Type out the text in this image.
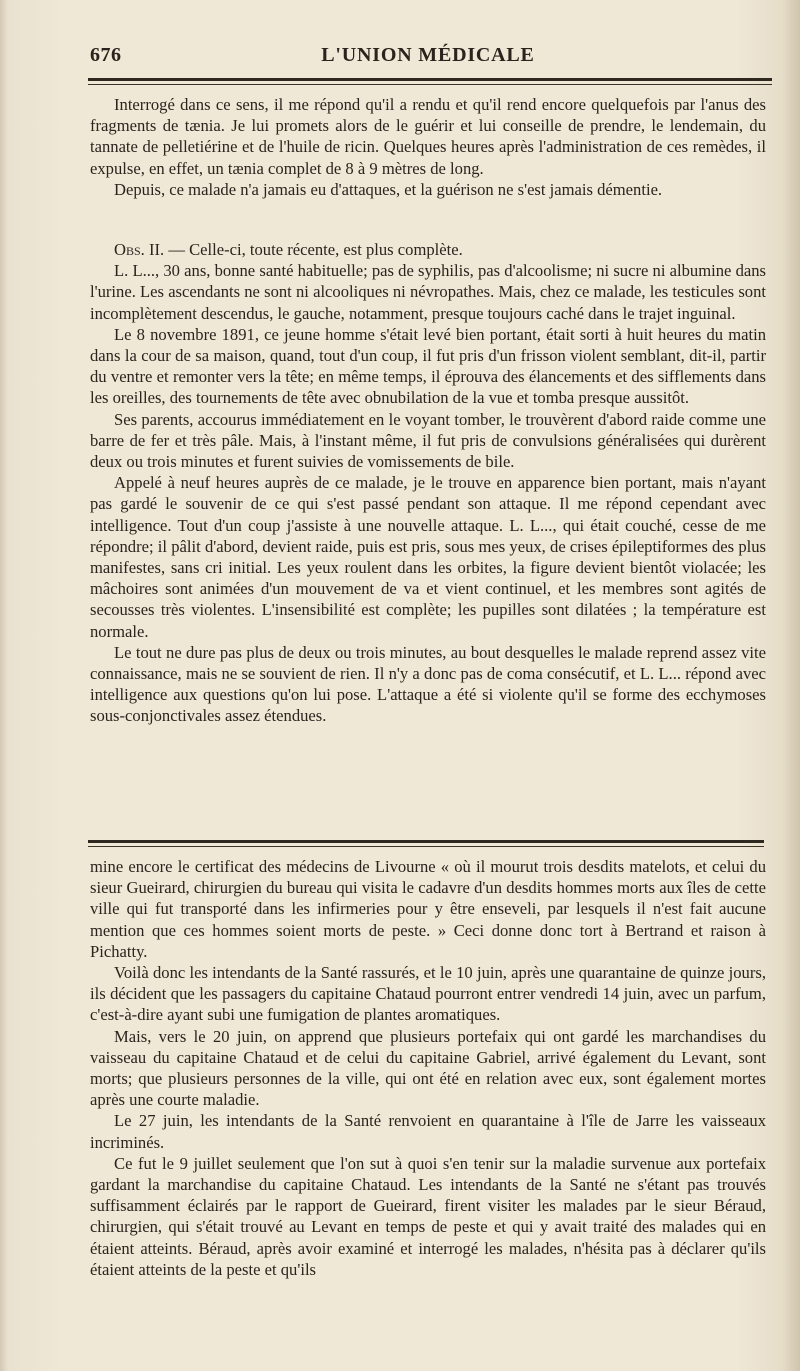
676	L'UNION MÉDICALE

Interrogé dans ce sens, il me répond qu'il a rendu et qu'il rend encore quelquefois par l'anus des fragments de tænia. Je lui promets alors de le guérir et lui conseille de prendre, le lendemain, du tannate de pelletiérine et de l'huile de ricin. Quelques heures après l'administration de ces remèdes, il expulse, en effet, un tænia complet de 8 à 9 mètres de long.

Depuis, ce malade n'a jamais eu d'attaques, et la guérison ne s'est jamais démentie.

Obs. II. — Celle-ci, toute récente, est plus complète.

L. L..., 30 ans, bonne santé habituelle; pas de syphilis, pas d'alcoolisme; ni sucre ni albumine dans l'urine. Les ascendants ne sont ni alcooliques ni névropathes. Mais, chez ce malade, les testicules sont incomplètement descendus, le gauche, notamment, presque toujours caché dans le trajet inguinal.

Le 8 novembre 1891, ce jeune homme s'était levé bien portant, était sorti à huit heures du matin dans la cour de sa maison, quand, tout d'un coup, il fut pris d'un frisson violent semblant, dit-il, partir du ventre et remonter vers la tête; en même temps, il éprouva des élancements et des sifflements dans les oreilles, des tournements de tête avec obnubilation de la vue et tomba presque aussitôt.

Ses parents, accourus immédiatement en le voyant tomber, le trouvèrent d'abord raide comme une barre de fer et très pâle. Mais, à l'instant même, il fut pris de convulsions généralisées qui durèrent deux ou trois minutes et furent suivies de vomissements de bile.

Appelé à neuf heures auprès de ce malade, je le trouve en apparence bien portant, mais n'ayant pas gardé le souvenir de ce qui s'est passé pendant son attaque. Il me répond cependant avec intelligence. Tout d'un coup j'assiste à une nouvelle attaque. L. L..., qui était couché, cesse de me répondre; il pâlit d'abord, devient raide, puis est pris, sous mes yeux, de crises épileptiformes des plus manifestes, sans cri initial. Les yeux roulent dans les orbites, la figure devient bientôt violacée; les mâchoires sont animées d'un mouvement de va et vient continuel, et les membres sont agités de secousses très violentes. L'insensibilité est complète; les pupilles sont dilatées ; la température est normale.

Le tout ne dure pas plus de deux ou trois minutes, au bout desquelles le malade reprend assez vite connaissance, mais ne se souvient de rien. Il n'y a donc pas de coma consécutif, et L. L... répond avec intelligence aux questions qu'on lui pose. L'attaque a été si violente qu'il se forme des ecchymoses sous-conjonctivales assez étendues.

mine encore le certificat des médecins de Livourne « où il mourut trois desdits matelots, et celui du sieur Gueirard, chirurgien du bureau qui visita le cadavre d'un desdits hommes morts aux îles de cette ville qui fut transporté dans les infirmeries pour y être enseveli, par lesquels il n'est fait aucune mention que ces hommes soient morts de peste. » Ceci donne donc tort à Bertrand et raison à Pichatty.

Voilà donc les intendants de la Santé rassurés, et le 10 juin, après une quarantaine de quinze jours, ils décident que les passagers du capitaine Chataud pourront entrer vendredi 14 juin, avec un parfum, c'est-à-dire ayant subi une fumigation de plantes aromatiques.

Mais, vers le 20 juin, on apprend que plusieurs portefaix qui ont gardé les marchandises du vaisseau du capitaine Chataud et de celui du capitaine Gabriel, arrivé également du Levant, sont morts; que plusieurs personnes de la ville, qui ont été en relation avec eux, sont également mortes après une courte maladie.

Le 27 juin, les intendants de la Santé renvoient en quarantaine à l'île de Jarre les vaisseaux incriminés.

Ce fut le 9 juillet seulement que l'on sut à quoi s'en tenir sur la maladie survenue aux portefaix gardant la marchandise du capitaine Chataud. Les intendants de la Santé ne s'étant pas trouvés suffisamment éclairés par le rapport de Gueirard, firent visiter les malades par le sieur Béraud, chirurgien, qui s'était trouvé au Levant en temps de peste et qui y avait traité des malades qui en étaient atteints. Béraud, après avoir examiné et interrogé les malades, n'hésita pas à déclarer qu'ils étaient atteints de la peste et qu'ils
